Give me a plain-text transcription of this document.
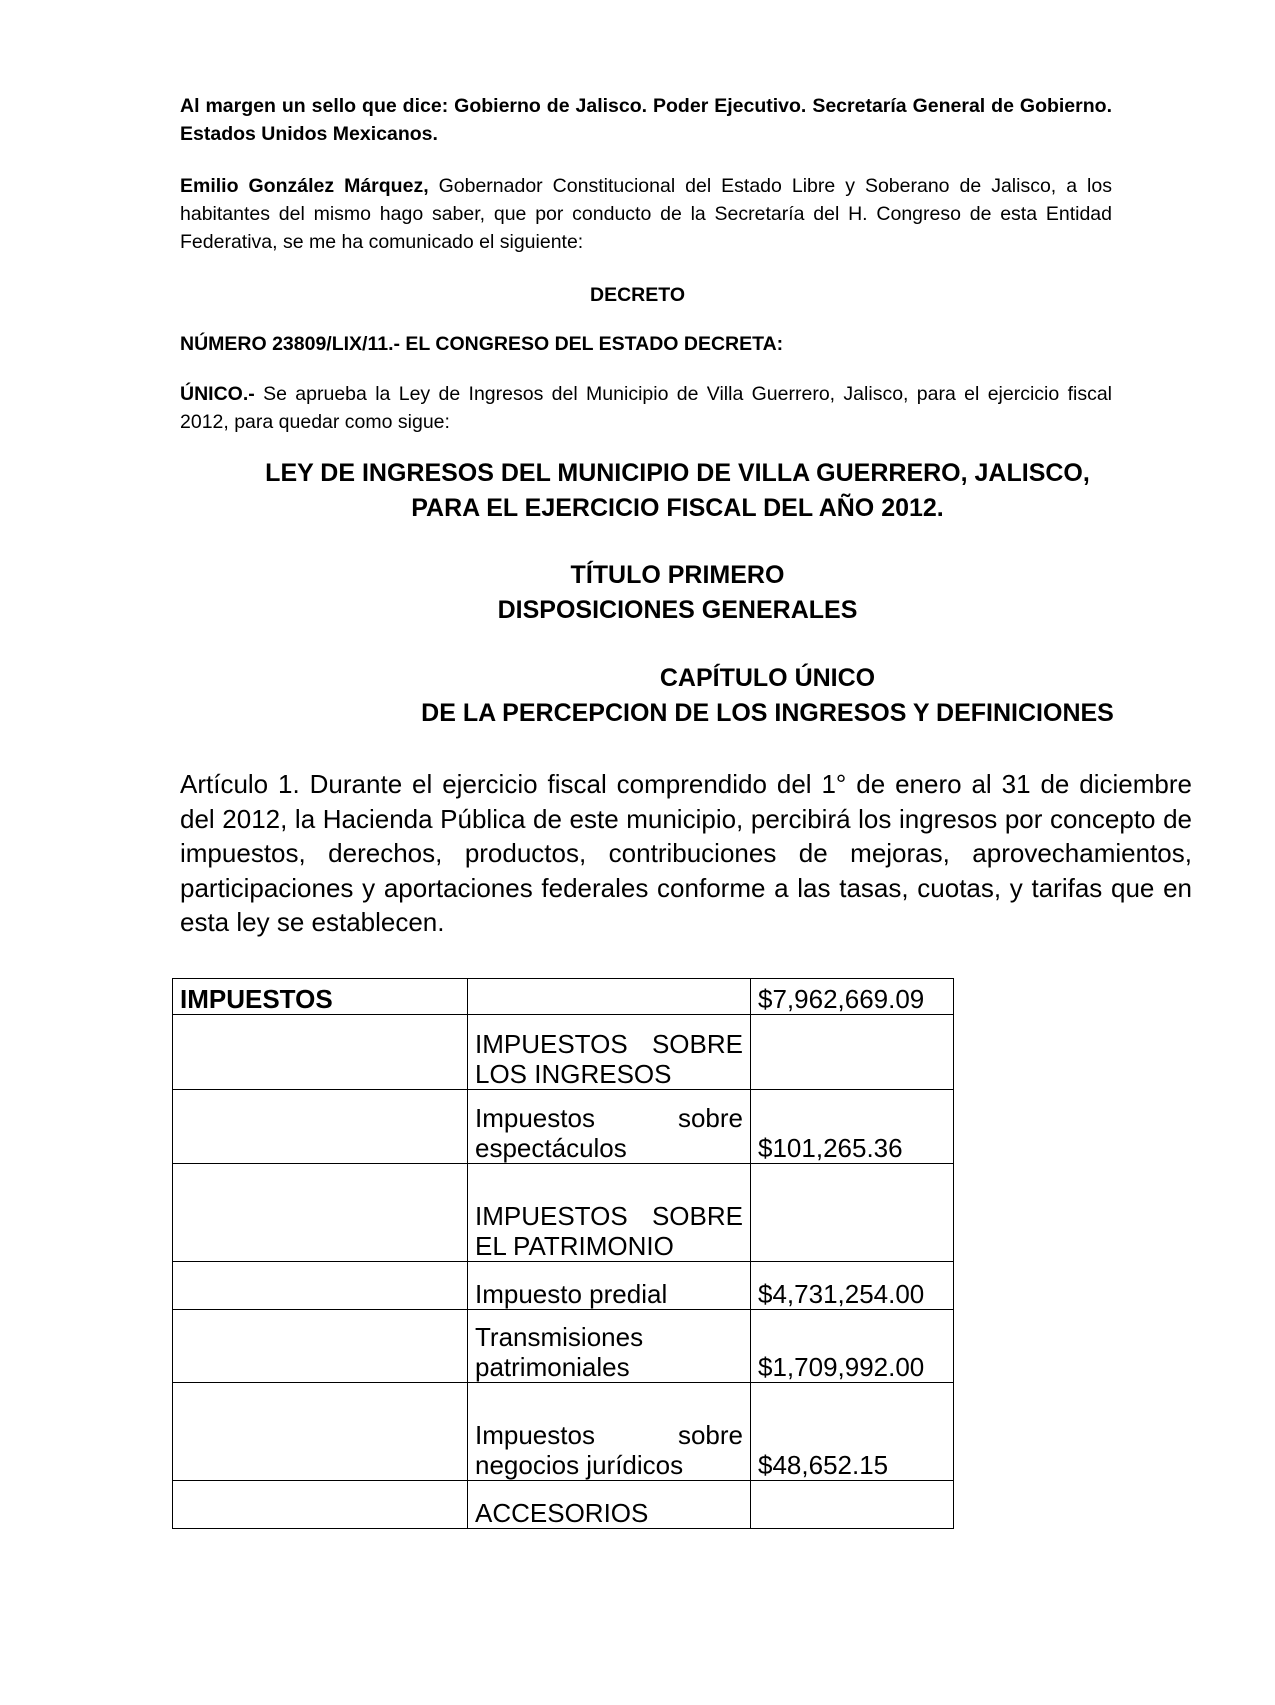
Al margen un sello que dice: Gobierno de Jalisco. Poder Ejecutivo. Secretaría General de Gobierno. Estados Unidos Mexicanos.

Emilio González Márquez, Gobernador Constitucional del Estado Libre y Soberano de Jalisco, a los habitantes del mismo hago saber, que por conducto de la Secretaría del H. Congreso de esta Entidad Federativa, se me ha comunicado el siguiente:

DECRETO

NÚMERO 23809/LIX/11.- EL CONGRESO DEL ESTADO DECRETA:

ÚNICO.- Se aprueba la Ley de Ingresos del Municipio de Villa Guerrero, Jalisco, para el ejercicio fiscal 2012, para quedar como sigue:

LEY DE INGRESOS DEL MUNICIPIO DE VILLA GUERRERO, JALISCO,

PARA EL EJERCICIO FISCAL DEL AÑO 2012.

TÍTULO PRIMERO

DISPOSICIONES GENERALES

CAPÍTULO ÚNICO

DE LA PERCEPCION DE LOS INGRESOS Y DEFINICIONES

Artículo 1. Durante el ejercicio fiscal comprendido del 1° de enero al 31 de diciembre del 2012, la Hacienda Pública de este municipio, percibirá los ingresos por concepto de impuestos, derechos, productos, contribuciones de mejoras, aprovechamientos, participaciones y aportaciones federales conforme a las tasas, cuotas, y tarifas que en esta ley se establecen.

IMPUESTOS		$7,962,669.09
	IMPUESTOS SOBRE LOS INGRESOS	
	Impuestos sobre espectáculos	$101,265.36
	IMPUESTOS SOBRE EL PATRIMONIO	
	Impuesto predial	$4,731,254.00
	Transmisiones patrimoniales	$1,709,992.00
	Impuestos sobre negocios jurídicos	$48,652.15
	ACCESORIOS	
